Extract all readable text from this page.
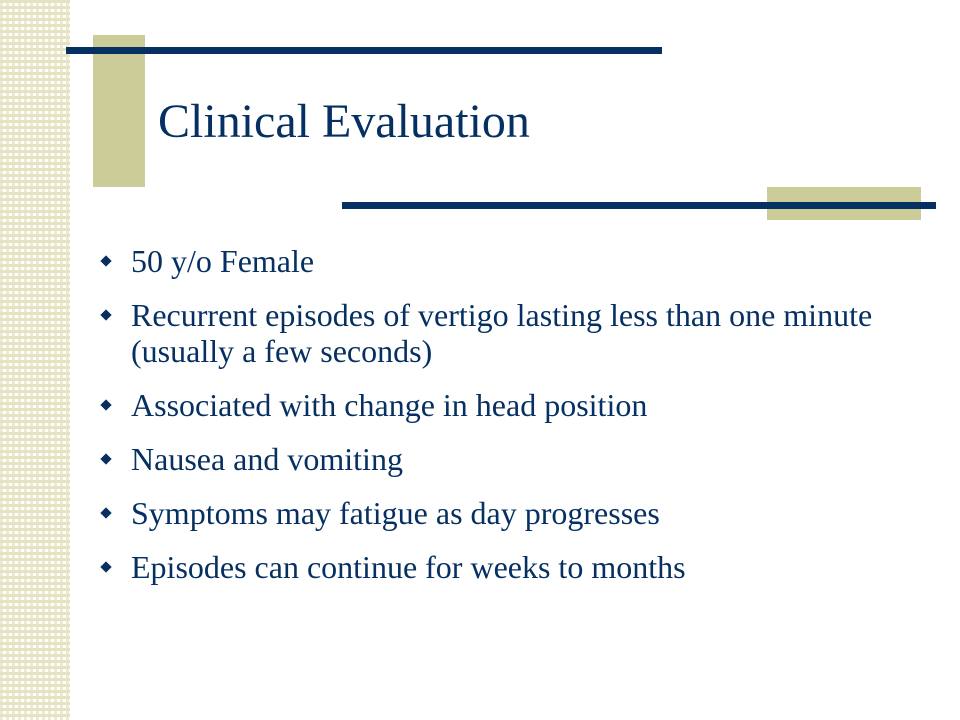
Clinical Evaluation
50 y/o Female
Recurrent episodes of vertigo lasting less than one minute (usually a few seconds)
Associated with change in head position
Nausea and vomiting
Symptoms may fatigue as day progresses
Episodes can continue for weeks to months
